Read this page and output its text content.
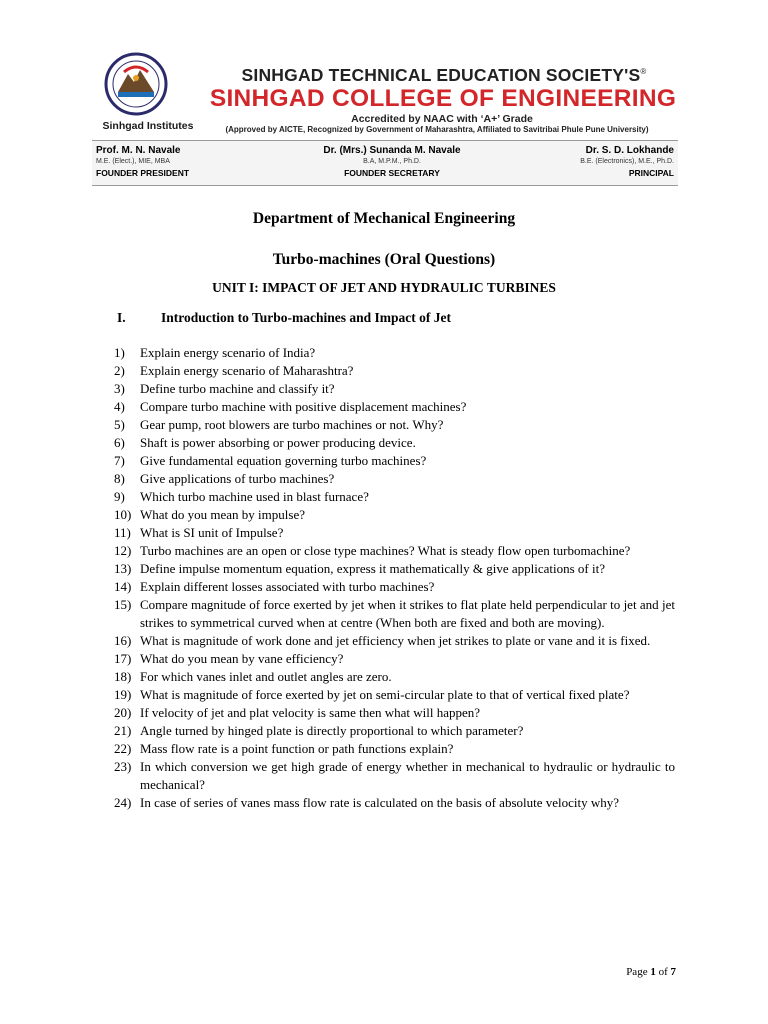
Sinhgad Institutes
SINHGAD TECHNICAL EDUCATION SOCIETY'S®
SINHGAD COLLEGE OF ENGINEERING
Accredited by NAAC with ‘A+’ Grade
(Approved by AICTE, Recognized by Government of Maharashtra, Affiliated to Savitribai Phule Pune University)
Prof. M. N. Navale
M.E. (Elect.), MIE, MBA
FOUNDER PRESIDENT
Dr. (Mrs.) Sunanda M. Navale
B.A, M.P.M., Ph.D.
FOUNDER SECRETARY
Dr. S. D. Lokhande
B.E. (Electronics), M.E., Ph.D.
PRINCIPAL
Department of Mechanical Engineering
Turbo-machines (Oral Questions)
UNIT I: IMPACT OF JET AND HYDRAULIC TURBINES
I.	Introduction to Turbo-machines and Impact of Jet
1)	Explain energy scenario of India?
2)	Explain energy scenario of Maharashtra?
3)	Define turbo machine and classify it?
4)	Compare turbo machine with positive displacement machines?
5)	Gear pump, root blowers are turbo machines or not. Why?
6)	Shaft is power absorbing or power producing device.
7)	Give fundamental equation governing turbo machines?
8)	Give applications of turbo machines?
9)	Which turbo machine used in blast furnace?
10) What do you mean by impulse?
11) What is SI unit of Impulse?
12) Turbo machines are an open or close type machines? What is steady flow open turbomachine?
13) Define impulse momentum equation, express it mathematically & give applications of it?
14) Explain different losses associated with turbo machines?
15) Compare magnitude of force exerted by jet when it strikes to flat plate held perpendicular to jet and jet strikes to symmetrical curved when at centre (When both are fixed and both are moving).
16) What is magnitude of work done and jet efficiency when jet strikes to plate or vane and it is fixed.
17) What do you mean by vane efficiency?
18) For which vanes inlet and outlet angles are zero.
19) What is magnitude of force exerted by jet on semi-circular plate to that of vertical fixed plate?
20) If velocity of jet and plat velocity is same then what will happen?
21) Angle turned by hinged plate is directly proportional to which parameter?
22) Mass flow rate is a point function or path functions explain?
23) In which conversion we get high grade of energy whether in mechanical to hydraulic or hydraulic to mechanical?
24) In case of series of vanes mass flow rate is calculated on the basis of absolute velocity why?
Page 1 of 7
